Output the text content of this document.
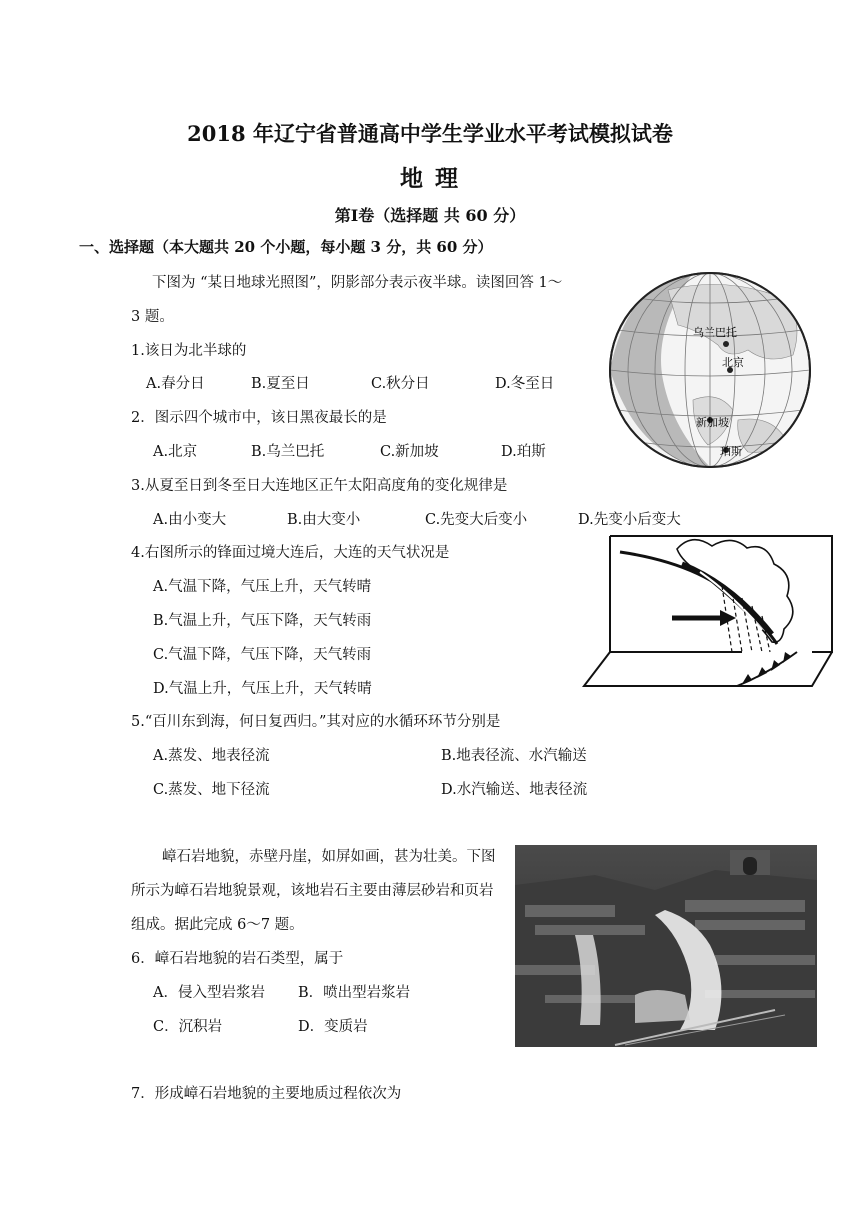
2018 年辽宁省普通高中学生学业水平考试模拟试卷
地 理
第Ⅰ卷（选择题 共 60 分）
一、选择题（本大题共 20 个小题，每小题 3 分，共 60 分）
下图为 “某日地球光照图”，阴影部分表示夜半球。读图回答 1～
3 题。
1.该日为北半球的
A.春分日	B.夏至日	C.秋分日	D.冬至日
2．图示四个城市中，该日黑夜最长的是
A.北京	B.乌兰巴托	C.新加坡	D.珀斯
3.从夏至日到冬至日大连地区正午太阳高度角的变化规律是
A.由小变大	B.由大变小	C.先变大后变小	D.先变小后变大
4.右图所示的锋面过境大连后，大连的天气状况是
A.气温下降，气压上升，天气转晴
B.气温上升，气压下降，天气转雨
C.气温下降，气压下降，天气转雨
D.气温上升，气压上升，天气转晴
5.“百川东到海，何日复西归。”其对应的水循环环节分别是
A.蒸发、地表径流	B.地表径流、水汽输送
C.蒸发、地下径流	D.水汽输送、地表径流
嶂石岩地貌，赤壁丹崖，如屏如画，甚为壮美。下图
所示为嶂石岩地貌景观，该地岩石主要由薄层砂岩和页岩
组成。据此完成 6～7 题。
6．嶂石岩地貌的岩石类型，属于
A．侵入型岩浆岩 B．喷出型岩浆岩
C．沉积岩	D．变质岩
7．形成嶂石岩地貌的主要地质过程依次为
乌兰巴托
北京
新加坡
珀斯
